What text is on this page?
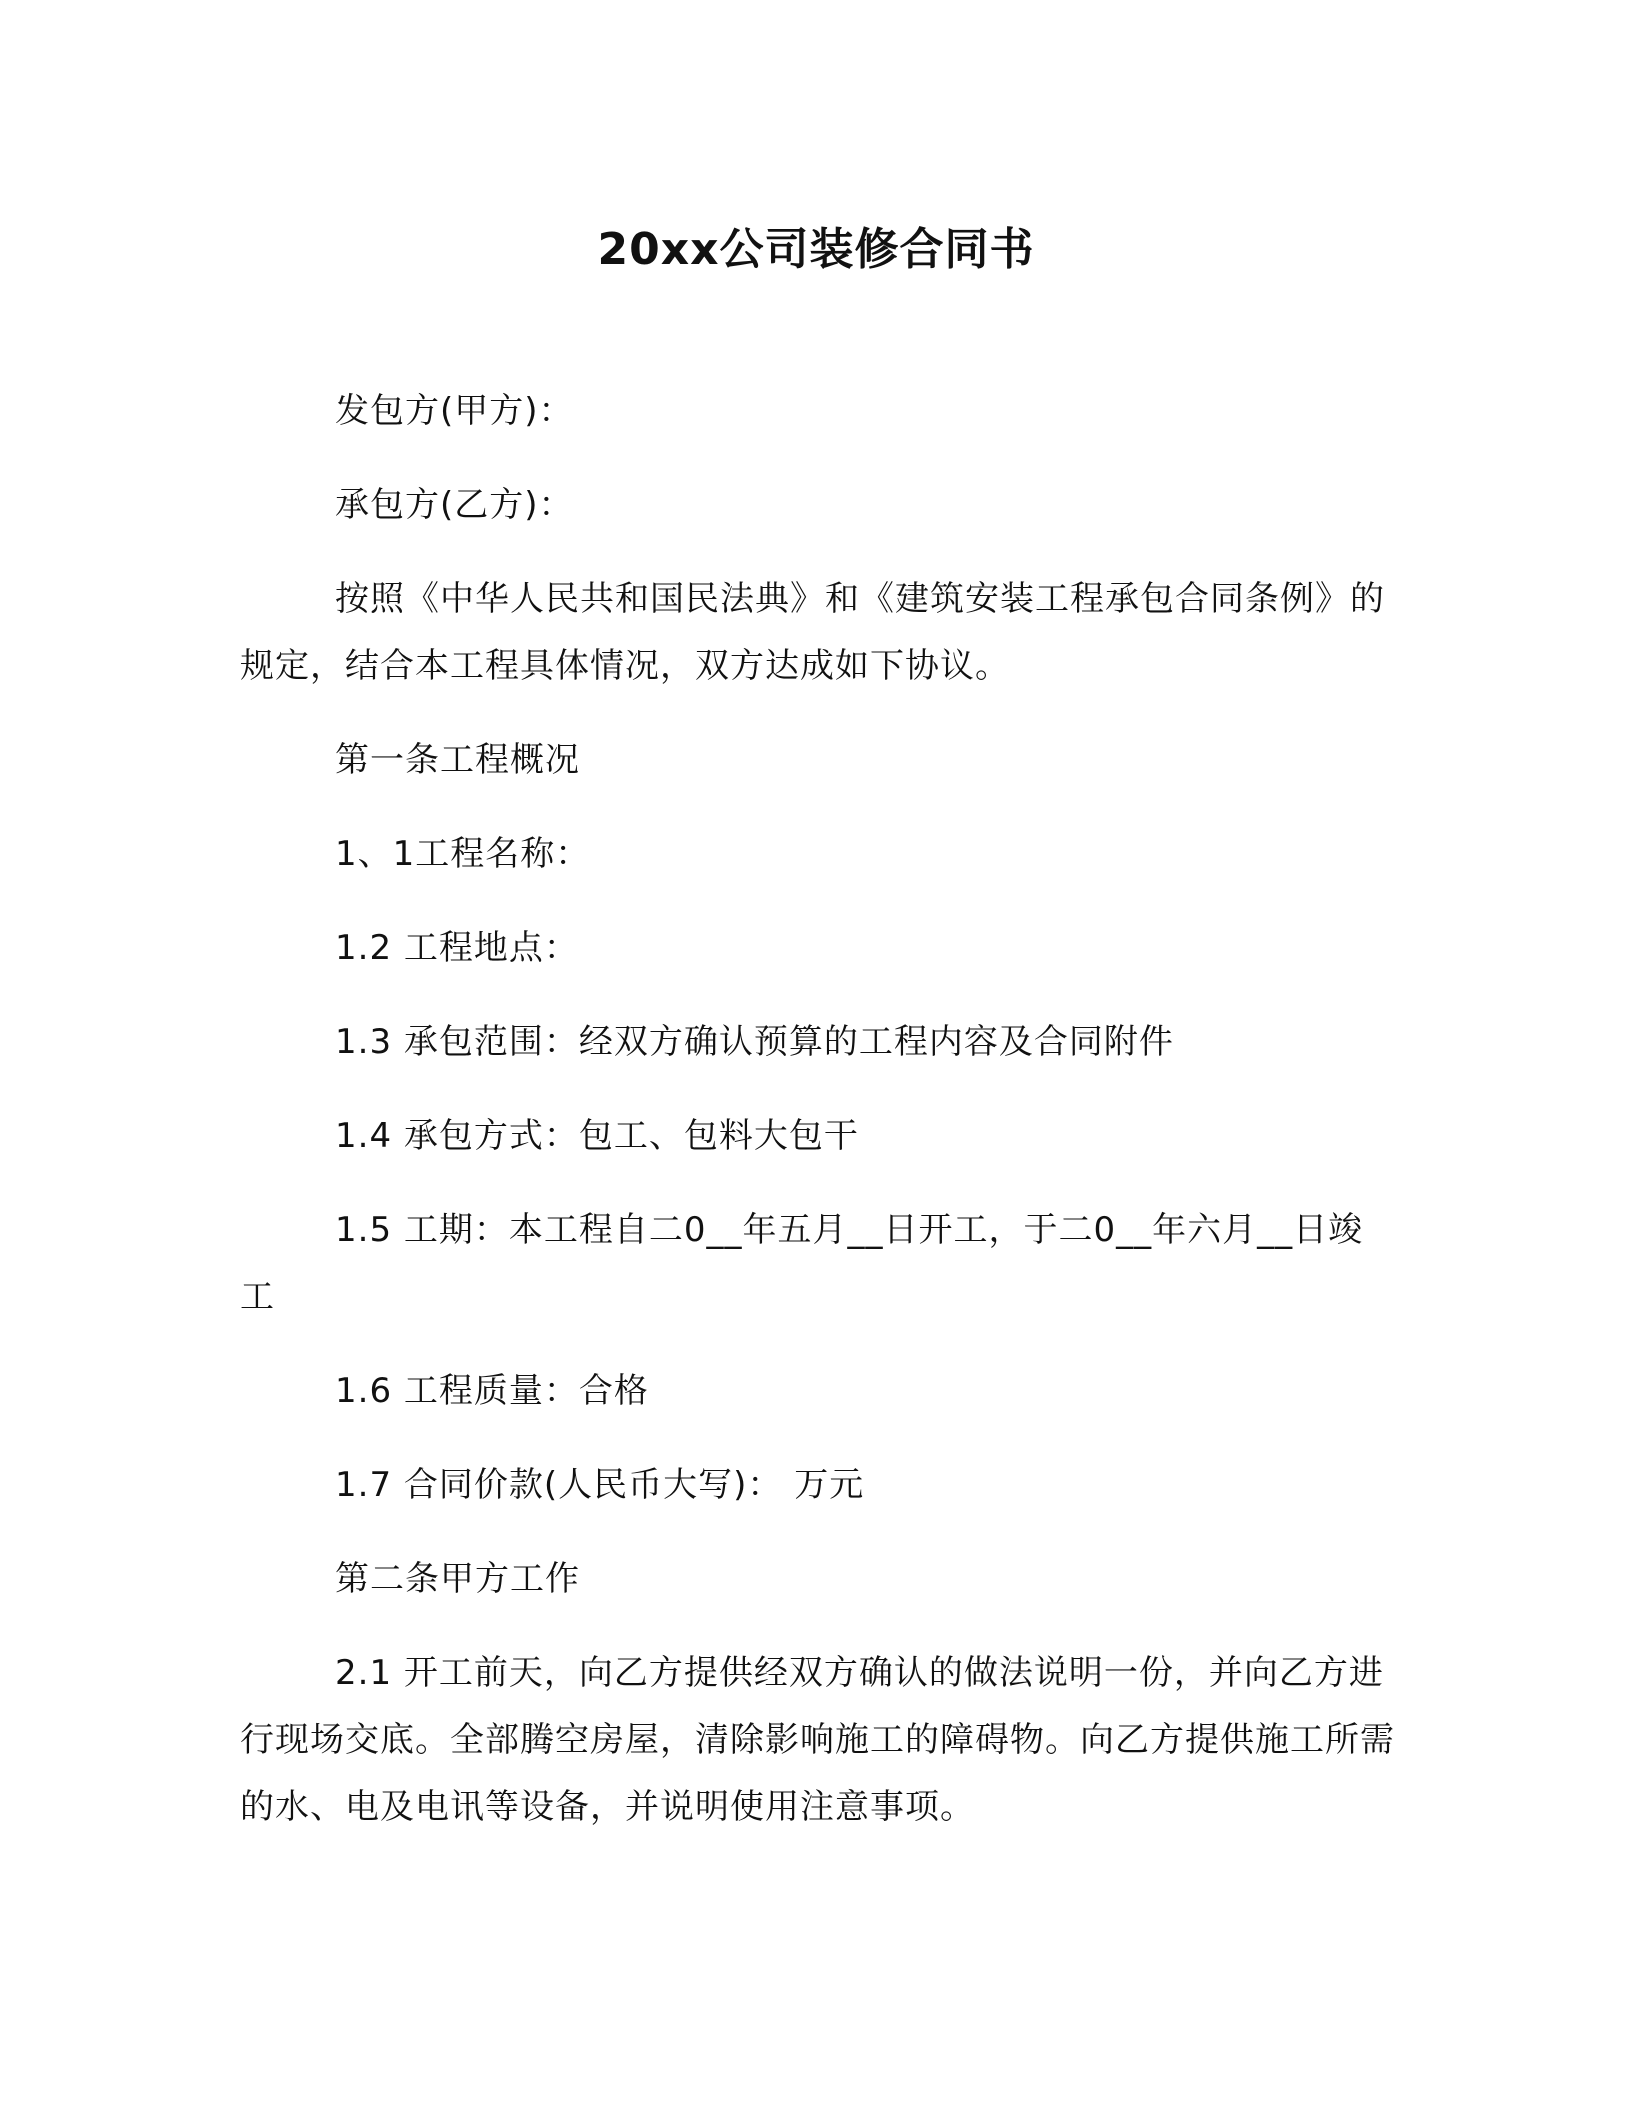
20xx公司装修合同书

发包方(甲方)：

承包方(乙方)：

按照《中华人民共和国民法典》和《建筑安装工程承包合同条例》的规定，结合本工程具体情况，双方达成如下协议。

第一条工程概况

1、1工程名称：

1.2 工程地点：

1.3 承包范围：经双方确认预算的工程内容及合同附件

1.4 承包方式：包工、包料大包干

1.5 工期：本工程自二0__年五月__日开工，于二0__年六月__日竣工

1.6 工程质量：合格

1.7 合同价款(人民币大写)： 万元

第二条甲方工作

2.1 开工前天，向乙方提供经双方确认的做法说明一份，并向乙方进行现场交底。全部腾空房屋，清除影响施工的障碍物。向乙方提供施工所需的水、电及电讯等设备，并说明使用注意事项。
